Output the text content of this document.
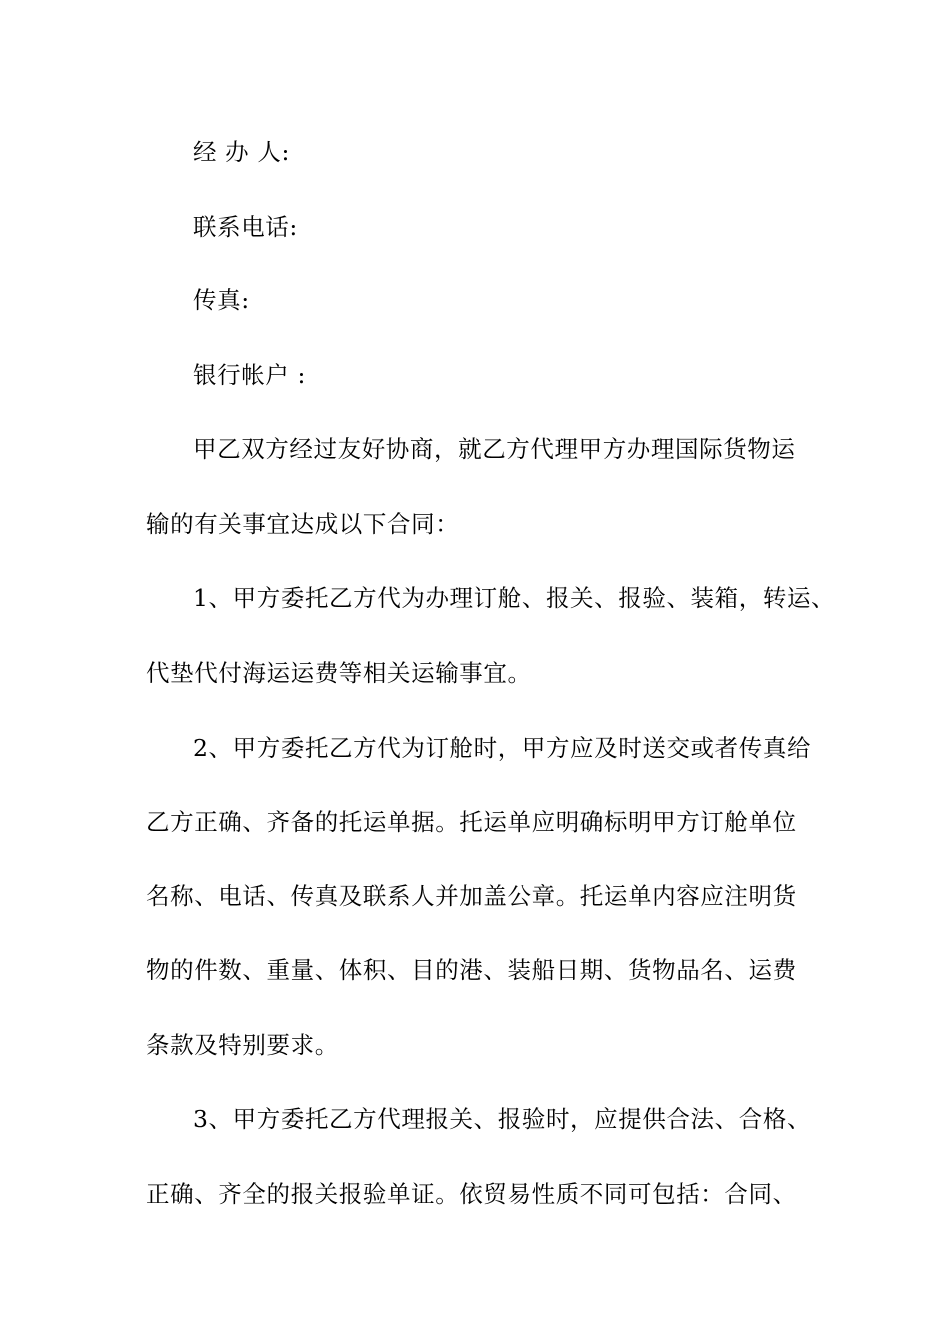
经 办 人:
联系电话:
传真:
银行帐户 :
甲乙双方经过友好协商，就乙方代理甲方办理国际货物运
输的有关事宜达成以下合同：
1、甲方委托乙方代为办理订舱、报关、报验、装箱，转运、
代垫代付海运运费等相关运输事宜。
2、甲方委托乙方代为订舱时，甲方应及时送交或者传真给
乙方正确、齐备的托运单据。托运单应明确标明甲方订舱单位
名称、电话、传真及联系人并加盖公章。托运单内容应注明货
物的件数、重量、体积、目的港、装船日期、货物品名、运费
条款及特别要求。
3、甲方委托乙方代理报关、报验时，应提供合法、合格、
正确、齐全的报关报验单证。依贸易性质不同可包括：合同、
